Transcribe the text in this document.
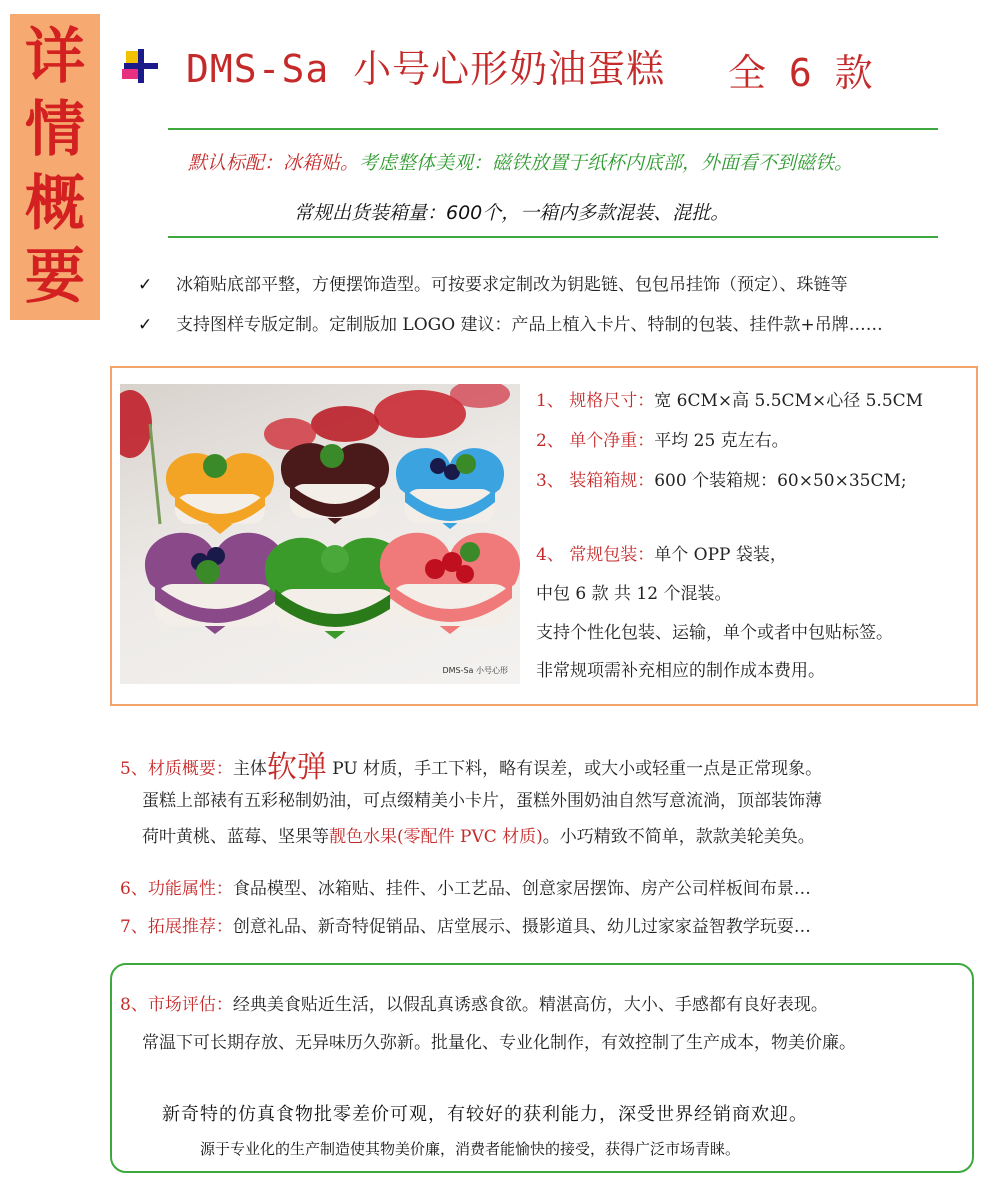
详
情
概
要
DMS-Sa 小号心形奶油蛋糕 全 6 款
默认标配：冰箱贴。考虑整体美观：磁铁放置于纸杯内底部，外面看不到磁铁。
常规出货装箱量：600个，一箱内多款混装、混批。
✓ 冰箱贴底部平整，方便摆饰造型。可按要求定制改为钥匙链、包包吊挂饰（预定）、珠链等
✓ 支持图样专版定制。定制版加 LOGO 建议：产品上植入卡片、特制的包装、挂件款+吊牌……
DMS-Sa 小号心形
1、 规格尺寸：宽 6CM×高 5.5CM×心径 5.5CM
2、 单个净重：平均 25 克左右。
3、 装箱箱规：600 个装箱规：60×50×35CM;
4、 常规包装：单个 OPP 袋装，
中包 6 款 共 12 个混装。
支持个性化包装、运输，单个或者中包贴标签。
非常规项需补充相应的制作成本费用。
5、材质概要：主体软弹 PU 材质，手工下料，略有误差，或大小或轻重一点是正常现象。
蛋糕上部裱有五彩秘制奶油，可点缀精美小卡片，蛋糕外围奶油自然写意流淌，顶部装饰薄
荷叶黄桃、蓝莓、坚果等靓色水果(零配件 PVC 材质)。小巧精致不简单，款款美轮美奂。
6、功能属性：食品模型、冰箱贴、挂件、小工艺品、创意家居摆饰、房产公司样板间布景…
7、拓展推荐：创意礼品、新奇特促销品、店堂展示、摄影道具、幼儿过家家益智教学玩耍…
8、市场评估：经典美食贴近生活，以假乱真诱惑食欲。精湛高仿，大小、手感都有良好表现。
常温下可长期存放、无异味历久弥新。批量化、专业化制作，有效控制了生产成本，物美价廉。
新奇特的仿真食物批零差价可观，有较好的获利能力，深受世界经销商欢迎。
源于专业化的生产制造使其物美价廉，消费者能愉快的接受，获得广泛市场青睐。
